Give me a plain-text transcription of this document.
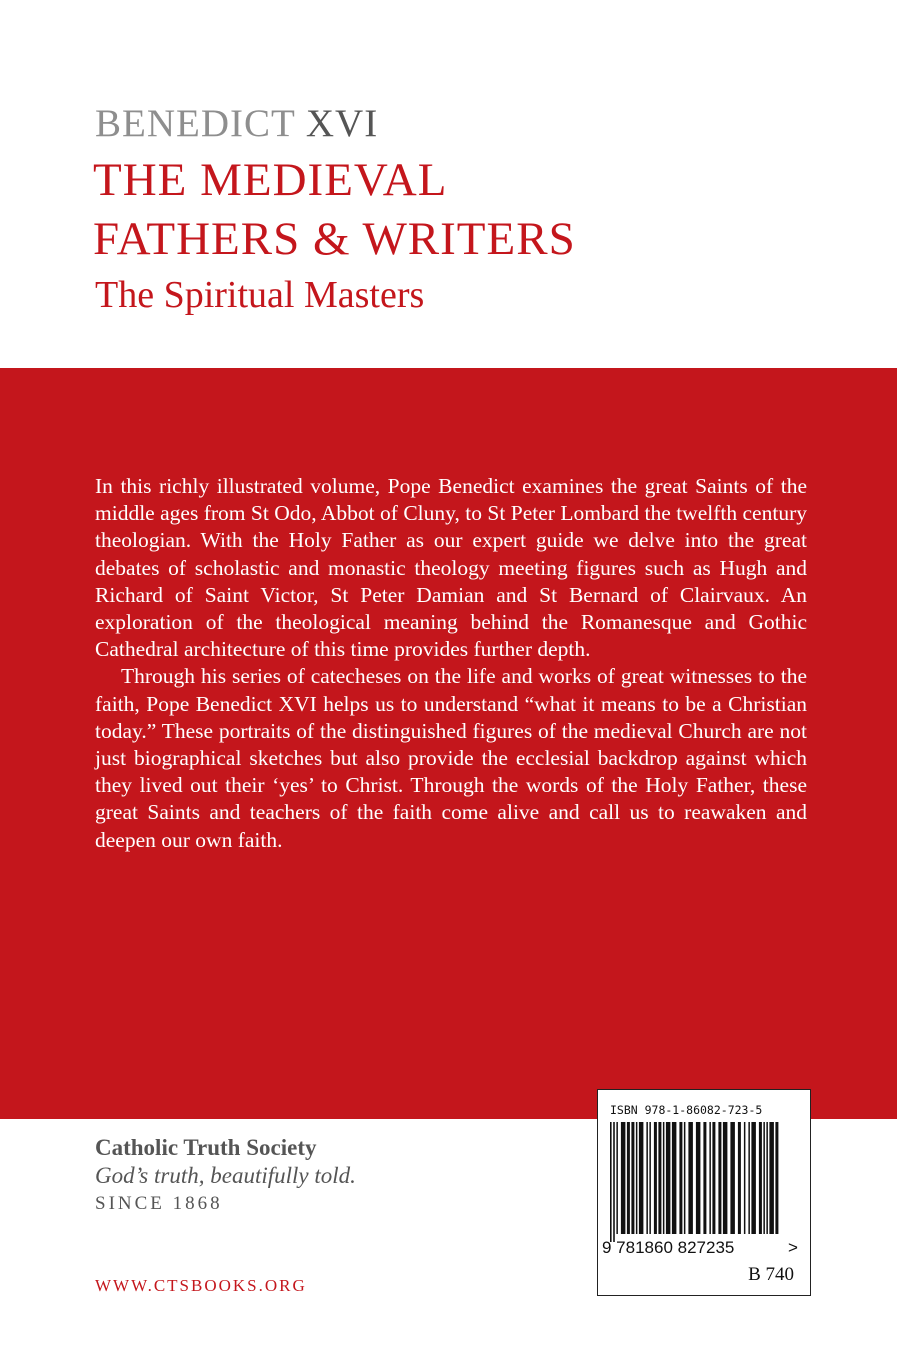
BENEDICT XVI
THE MEDIEVAL
FATHERS & WRITERS
The Spiritual Masters

In this richly illustrated volume, Pope Benedict examines the great Saints of the middle ages from St Odo, Abbot of Cluny, to St Peter Lombard the twelfth century theologian. With the Holy Father as our expert guide we delve into the great debates of scholastic and monastic theology meeting figures such as Hugh and Richard of Saint Victor, St Peter Damian and St Bernard of Clairvaux. An exploration of the theological meaning behind the Romanesque and Gothic Cathedral architecture of this time provides further depth.

Through his series of catecheses on the life and works of great witnesses to the faith, Pope Benedict XVI helps us to understand “what it means to be a Christian today.” These portraits of the distinguished figures of the medieval Church are not just biographical sketches but also provide the ecclesial backdrop against which they lived out their ‘yes’ to Christ. Through the words of the Holy Father, these great Saints and teachers of the faith come alive and call us to reawaken and deepen our own faith.

Catholic Truth Society
God’s truth, beautifully told.
SINCE 1868
WWW.CTSBOOKS.ORG
ISBN 978-1-86082-723-5
9 781860 827235	>
B 740
